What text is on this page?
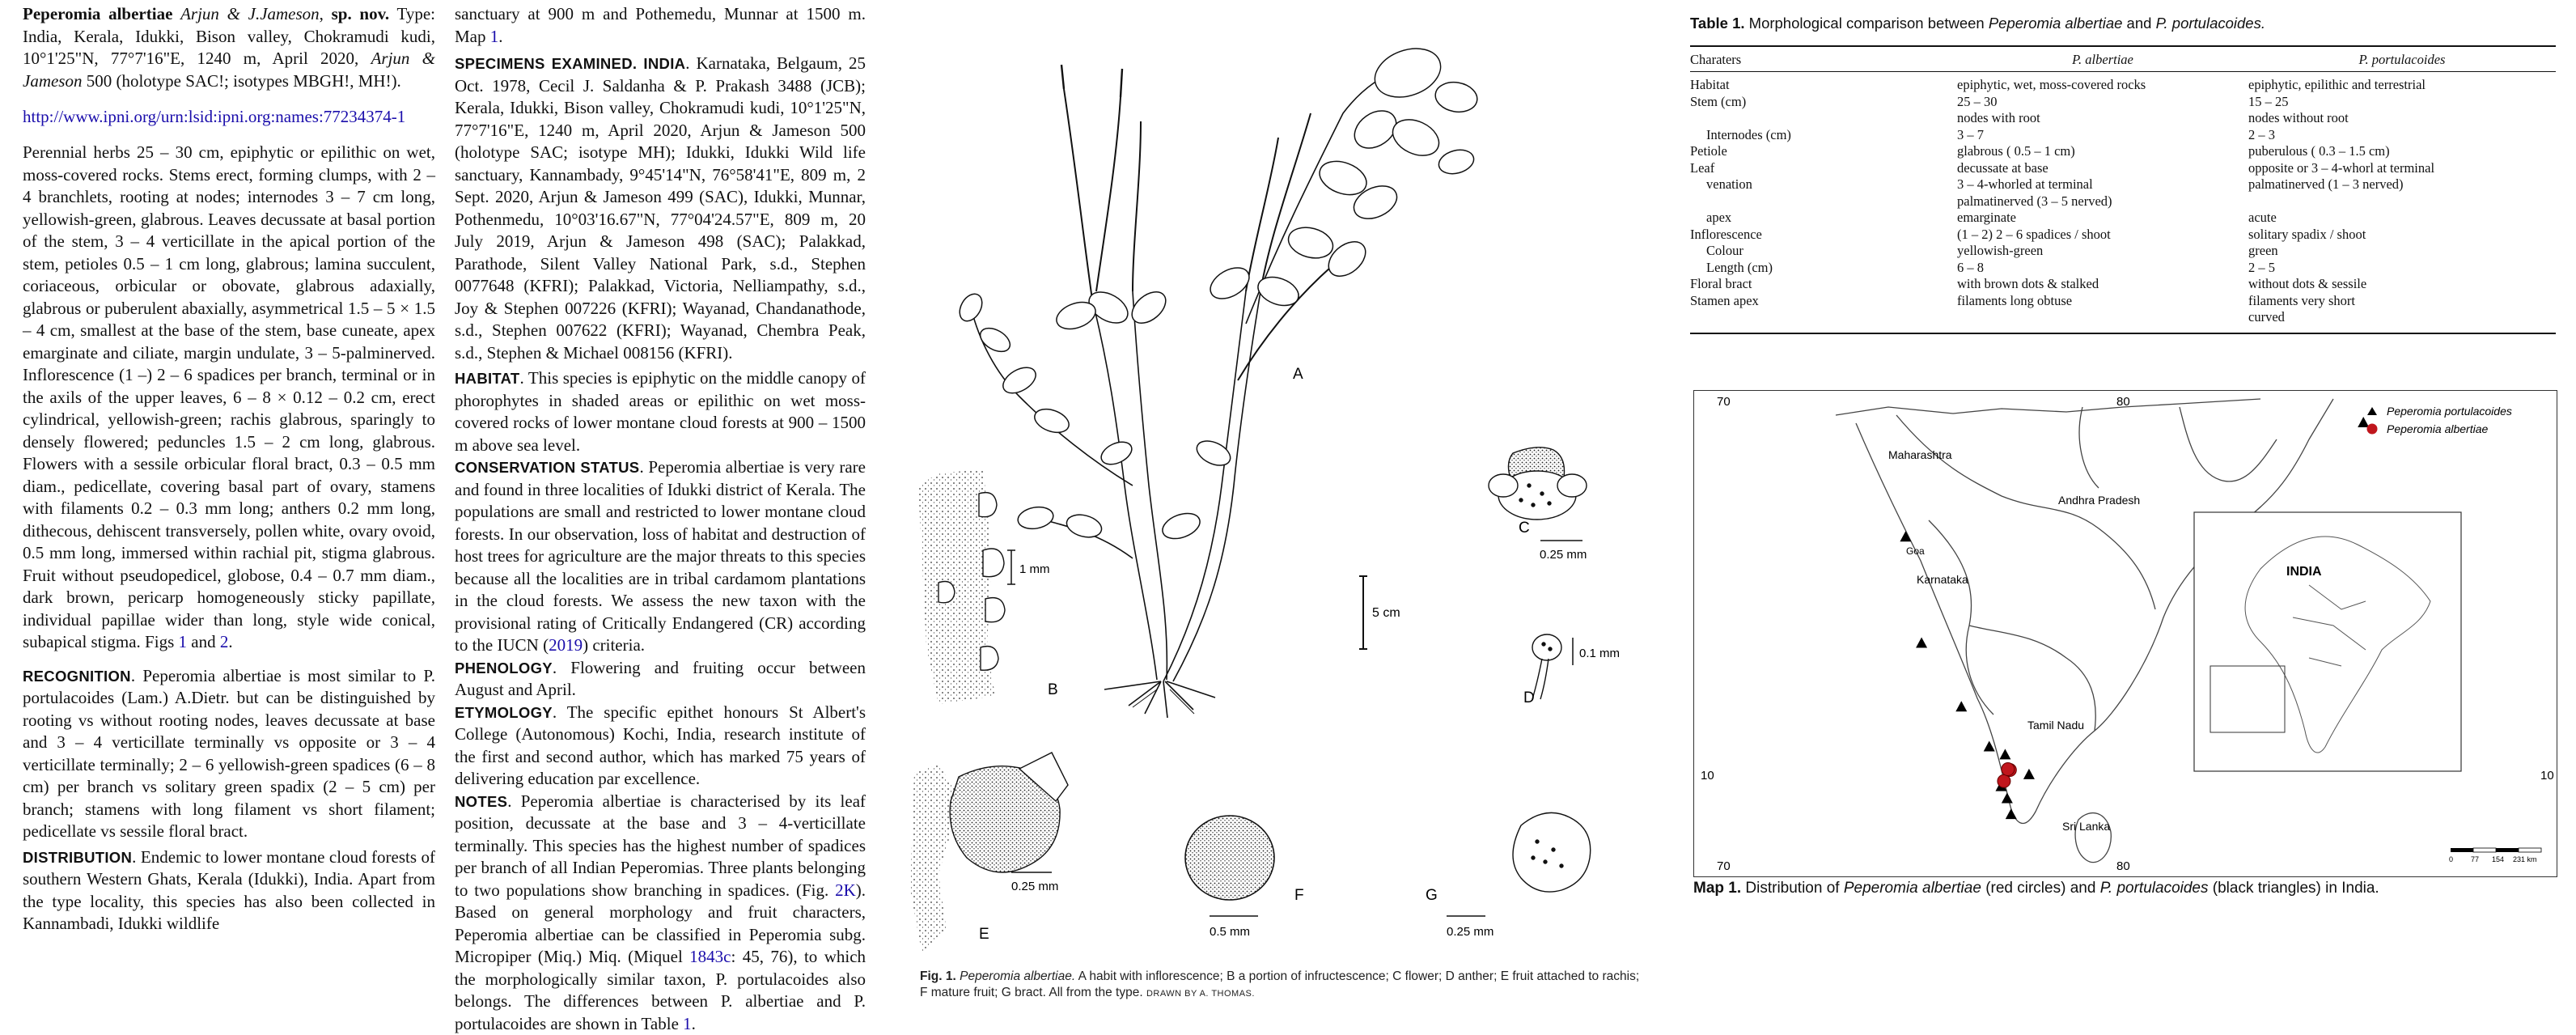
Peperomia albertiae Arjun & J.Jameson, sp. nov. Type: India, Kerala, Idukki, Bison valley, Chokramudi kudi, 10°1'25"N, 77°7'16"E, 1240 m, April 2020, Arjun & Jameson 500 (holotype SAC!; isotypes MBGH!, MH!).

http://www.ipni.org/urn:lsid:ipni.org:names:77234374-1

Perennial herbs 25 – 30 cm, epiphytic or epilithic on wet, moss-covered rocks. Stems erect, forming clumps, with 2 – 4 branchlets, rooting at nodes; internodes 3 – 7 cm long, yellowish-green, glabrous. Leaves decussate at basal portion of the stem, 3 – 4 verticillate in the apical portion of the stem, petioles 0.5 – 1 cm long, glabrous; lamina succulent, coriaceous, orbicular or obovate, glabrous adaxially, glabrous or puberulent abaxially, asymmetrical 1.5 – 5 × 1.5 – 4 cm, smallest at the base of the stem, base cuneate, apex emarginate and ciliate, margin undulate, 3 – 5-palminerved. Inflorescence (1 –) 2 – 6 spadices per branch, terminal or in the axils of the upper leaves, 6 – 8 × 0.12 – 0.2 cm, erect cylindrical, yellowish-green; rachis glabrous, sparingly to densely flowered; peduncles 1.5 – 2 cm long, glabrous. Flowers with a sessile orbicular floral bract, 0.3 – 0.5 mm diam., pedicellate, covering basal part of ovary, stamens with filaments 0.2 – 0.3 mm long; anthers 0.2 mm long, dithecous, dehiscent transversely, pollen white, ovary ovoid, 0.5 mm long, immersed within rachial pit, stigma glabrous. Fruit without pseudopedicel, globose, 0.4 – 0.7 mm diam., dark brown, pericarp homogeneously sticky papillate, individual papillae wider than long, style wide conical, subapical stigma. Figs 1 and 2.

RECOGNITION. Peperomia albertiae is most similar to P. portulacoides (Lam.) A.Dietr. but can be distinguished by rooting vs without rooting nodes, leaves decussate at base and 3 – 4 verticillate terminally vs opposite or 3 – 4 verticillate terminally; 2 – 6 yellowish-green spadices (6 – 8 cm) per branch vs solitary green spadix (2 – 5 cm) per branch; stamens with long filament vs short filament; pedicellate vs sessile floral bract.

DISTRIBUTION. Endemic to lower montane cloud forests of southern Western Ghats, Kerala (Idukki), India. Apart from the type locality, this species has also been collected in Kannambadi, Idukki wildlife

sanctuary at 900 m and Pothemedu, Munnar at 1500 m. Map 1.

SPECIMENS EXAMINED. INDIA. Karnataka, Belgaum, 25 Oct. 1978, Cecil J. Saldanha & P. Prakash 3488 (JCB); Kerala, Idukki, Bison valley, Chokramudi kudi, 10°1'25"N, 77°7'16"E, 1240 m, April 2020, Arjun & Jameson 500 (holotype SAC; isotype MH); Idukki, Idukki Wild life sanctuary, Kannambady, 9°45'14"N, 76°58'41"E, 809 m, 2 Sept. 2020, Arjun & Jameson 499 (SAC), Idukki, Munnar, Pothenmedu, 10°03'16.67"N, 77°04'24.57"E, 809 m, 20 July 2019, Arjun & Jameson 498 (SAC); Palakkad, Parathode, Silent Valley National Park, s.d., Stephen 0077648 (KFRI); Palakkad, Victoria, Nelliampathy, s.d., Joy & Stephen 007226 (KFRI); Wayanad, Chandanathode, s.d., Stephen 007622 (KFRI); Wayanad, Chembra Peak, s.d., Stephen & Michael 008156 (KFRI).

HABITAT. This species is epiphytic on the middle canopy of phorophytes in shaded areas or epilithic on wet moss-covered rocks of lower montane cloud forests at 900 – 1500 m above sea level.

CONSERVATION STATUS. Peperomia albertiae is very rare and found in three localities of Idukki district of Kerala. The populations are small and restricted to lower montane cloud forests. In our observation, loss of habitat and destruction of host trees for agriculture are the major threats to this species because all the localities are in tribal cardamom plantations in the cloud forests. We assess the new taxon with the provisional rating of Critically Endangered (CR) according to the IUCN (2019) criteria.

PHENOLOGY. Flowering and fruiting occur between August and April.

ETYMOLOGY. The specific epithet honours St Albert's College (Autonomous) Kochi, India, research institute of the first and second author, which has marked 75 years of delivering education par excellence.

NOTES. Peperomia albertiae is characterised by its leaf position, decussate at the base and 3 – 4-verticillate terminally. This species has the highest number of spadices per branch of all Indian Peperomias. Three plants belonging to two populations show branching in spadices. (Fig. 2K). Based on general morphology and fruit characters, Peperomia albertiae can be classified in Peperomia subg. Micropiper (Miq.) Miq. (Miquel 1843c: 45, 76), to which the morphologically similar taxon, P. portulacoides also belongs. The differences between P. albertiae and P. portulacoides are shown in Table 1.

A
5 cm
1 mm
B
C
0.25 mm
0.1 mm
D
E
0.25 mm
0.5 mm
F	G
0.25 mm
Fig. 1. Peperomia albertiae. A habit with inflorescence; B a portion of infructescence; C flower; D anther; E fruit attached to rachis; F mature fruit; G bract. All from the type. DRAWN BY A. THOMAS.
Table 1. Morphological comparison between Peperomia albertiae and P. portulacoides.
Charaters	P. albertiae	P. portulacoides
Habitat	epiphytic, wet, moss-covered rocks	epiphytic, epilithic and terrestrial
Stem (cm)	25 – 30	15 – 25
	nodes with root	nodes without root
Internodes (cm)	3 – 7	2 – 3
Petiole	glabrous ( 0.5 – 1 cm)	puberulous ( 0.3 – 1.5 cm)
Leaf	decussate at base	opposite or 3 – 4-whorl at terminal
venation	3 – 4-whorled at terminal	palmatinerved (1 – 3 nerved)
	palmatinerved (3 – 5 nerved)	
apex	emarginate	acute
Inflorescence	(1 – 2) 2 – 6 spadices / shoot	solitary spadix / shoot
Colour	yellowish-green	green
Length (cm)	6 – 8	2 – 5
Floral bract	with brown dots & stalked	without dots & sessile
Stamen apex	filaments long obtuse	filaments very short
		curved
INDIA
70	80
70	80
10	10
Maharashtra
Andhra Pradesh
Goa
Karnataka
Tamil Nadu
Sri Lanka
Peperomia portulacoides
Peperomia albertiae
0 77 154 231 km
Map 1. Distribution of Peperomia albertiae (red circles) and P. portulacoides (black triangles) in India.
